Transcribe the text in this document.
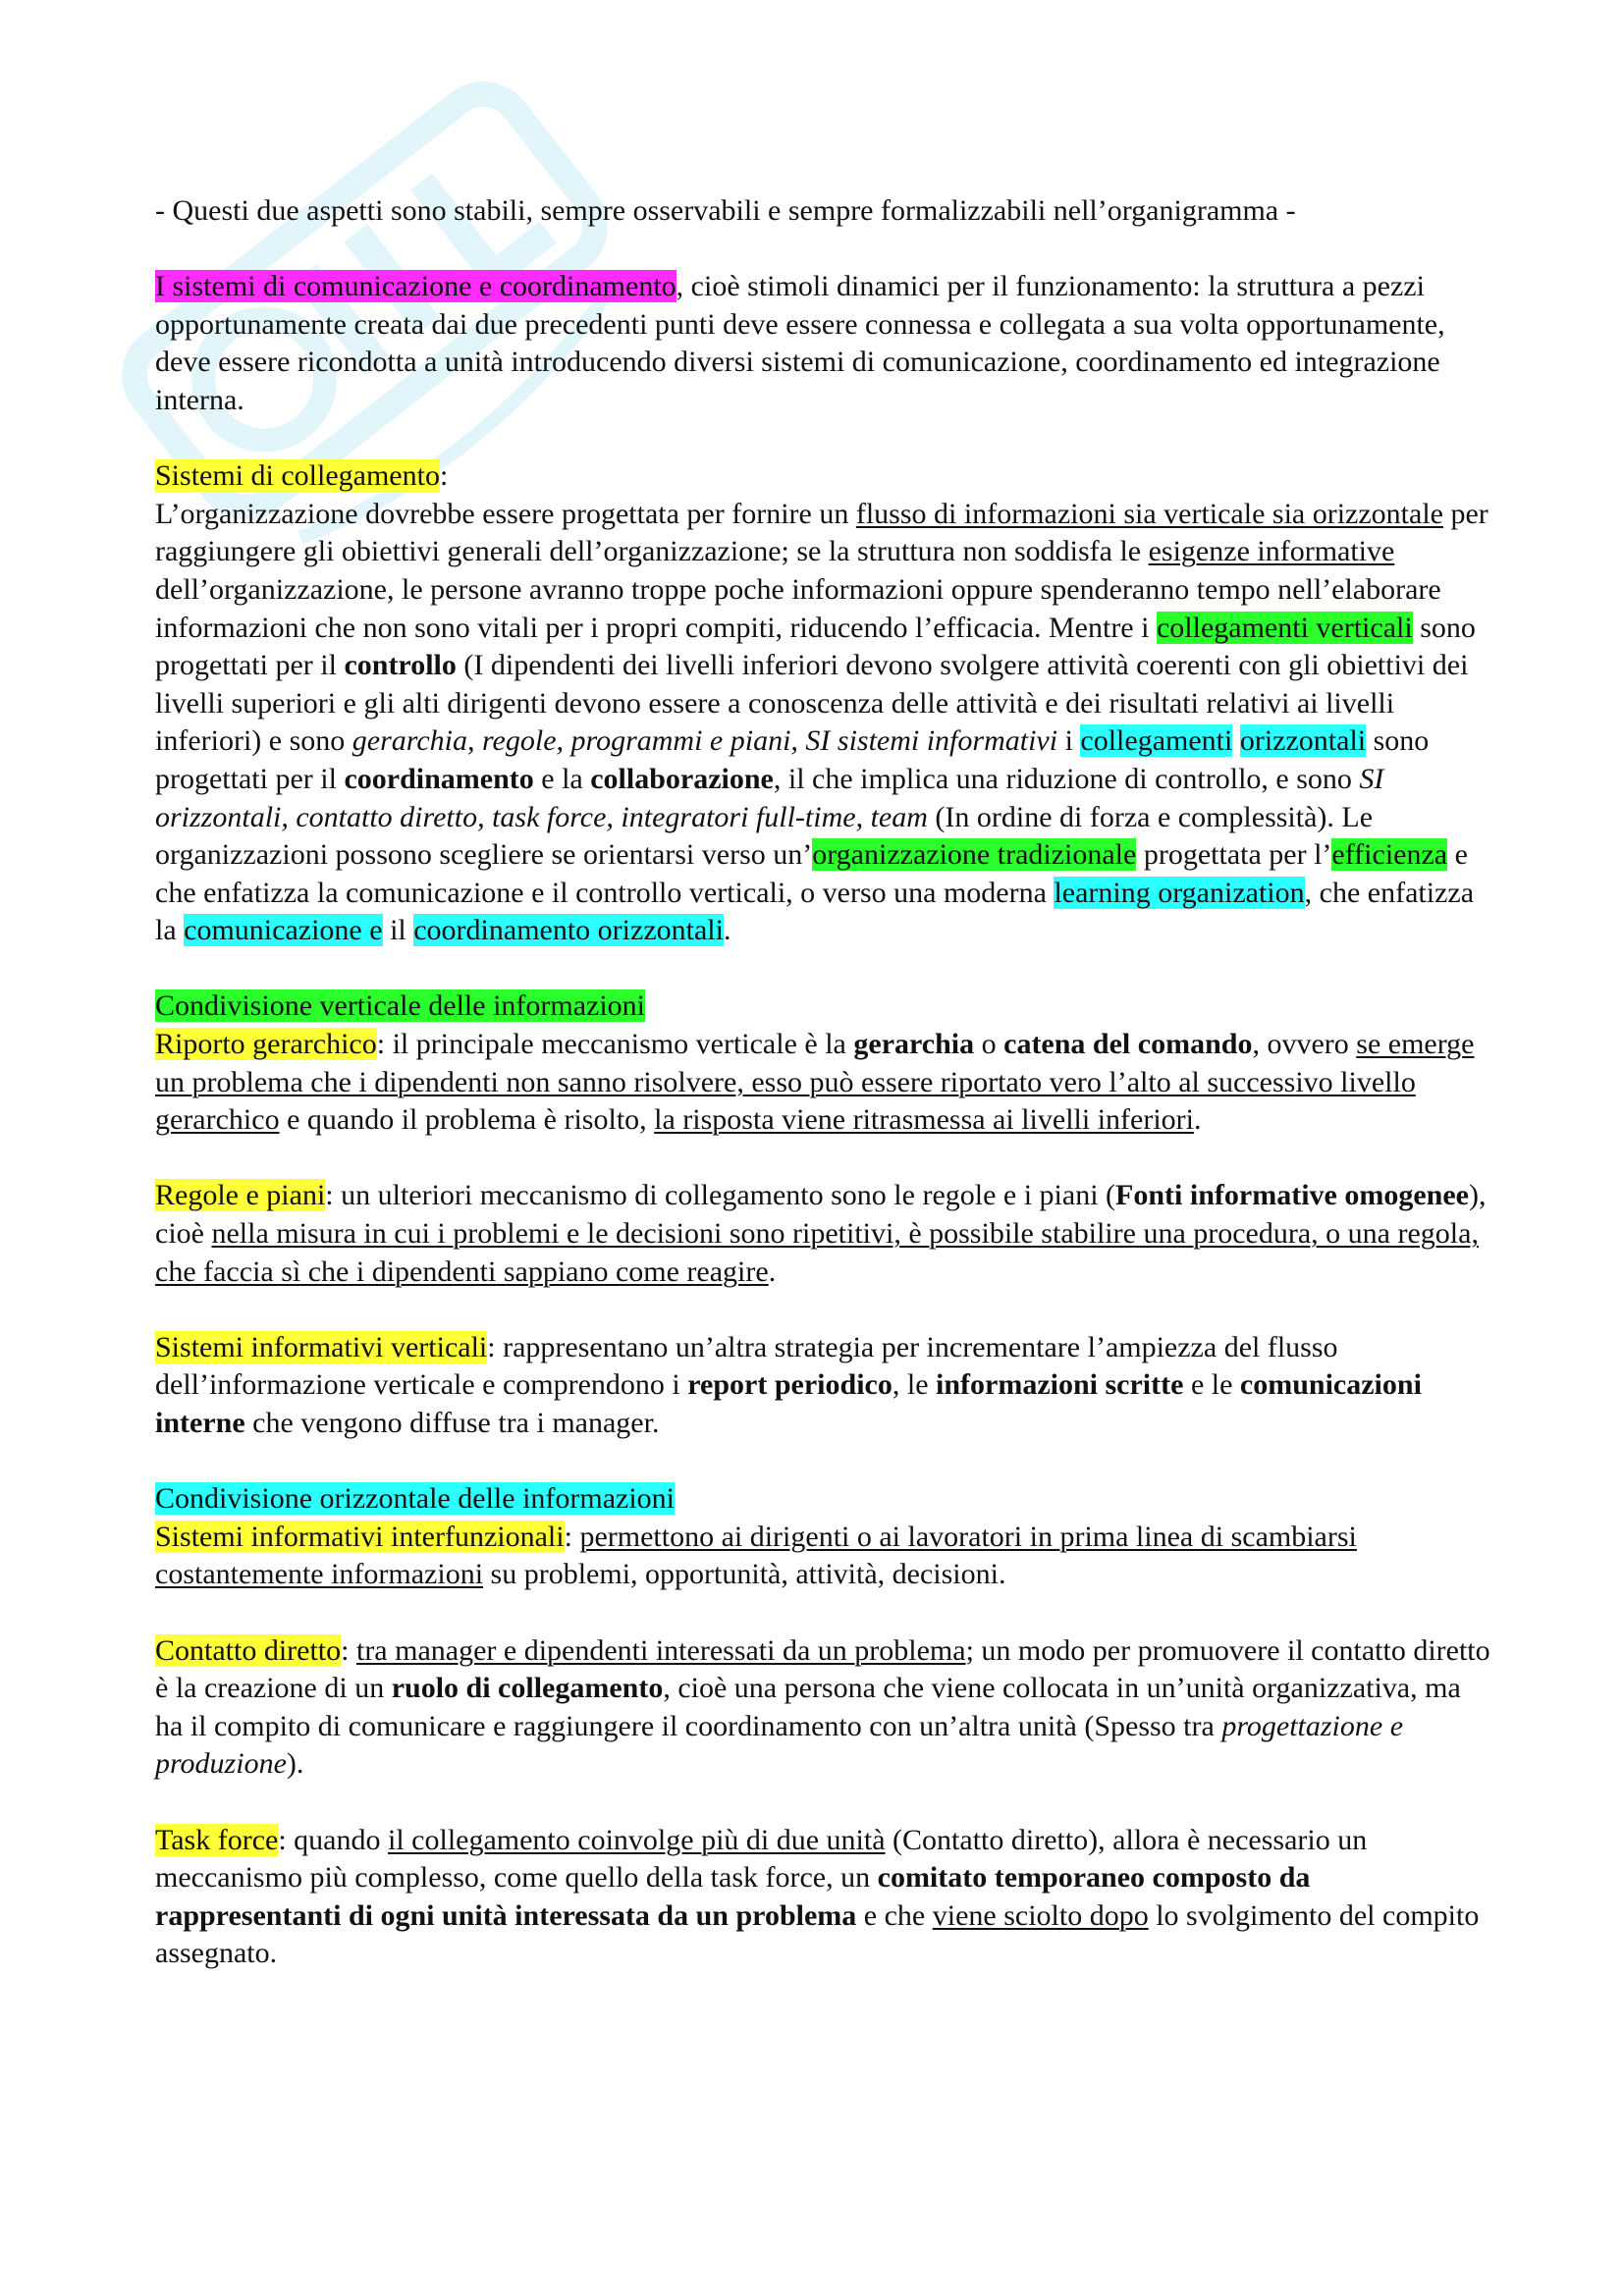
- Questi due aspetti sono stabili, sempre osservabili e sempre formalizzabili nell’organigramma -

I sistemi di comunicazione e coordinamento, cioè stimoli dinamici per il funzionamento: la struttura a pezzi opportunamente creata dai due precedenti punti deve essere connessa e collegata a sua volta opportunamente, deve essere ricondotta a unità introducendo diversi sistemi di comunicazione, coordinamento ed integrazione interna.

Sistemi di collegamento:
L’organizzazione dovrebbe essere progettata per fornire un flusso di informazioni sia verticale sia orizzontale per raggiungere gli obiettivi generali dell’organizzazione; se la struttura non soddisfa le esigenze informative dell’organizzazione, le persone avranno troppe poche informazioni oppure spenderanno tempo nell’elaborare informazioni che non sono vitali per i propri compiti, riducendo l’efficacia. Mentre i collegamenti verticali sono progettati per il controllo (I dipendenti dei livelli inferiori devono svolgere attività coerenti con gli obiettivi dei livelli superiori e gli alti dirigenti devono essere a conoscenza delle attività e dei risultati relativi ai livelli inferiori) e sono gerarchia, regole, programmi e piani, SI sistemi informativi i collegamenti orizzontali sono progettati per il coordinamento e la collaborazione, il che implica una riduzione di controllo, e sono SI orizzontali, contatto diretto, task force, integratori full-time, team (In ordine di forza e complessità). Le organizzazioni possono scegliere se orientarsi verso un’organizzazione tradizionale progettata per l’efficienza e che enfatizza la comunicazione e il controllo verticali, o verso una moderna learning organization, che enfatizza la comunicazione e il coordinamento orizzontali.

Condivisione verticale delle informazioni

Riporto gerarchico: il principale meccanismo verticale è la gerarchia o catena del comando, ovvero se emerge un problema che i dipendenti non sanno risolvere, esso può essere riportato vero l’alto al successivo livello gerarchico e quando il problema è risolto, la risposta viene ritrasmessa ai livelli inferiori.

Regole e piani: un ulteriori meccanismo di collegamento sono le regole e i piani (Fonti informative omogenee), cioè nella misura in cui i problemi e le decisioni sono ripetitivi, è possibile stabilire una procedura, o una regola, che faccia sì che i dipendenti sappiano come reagire.

Sistemi informativi verticali: rappresentano un’altra strategia per incrementare l’ampiezza del flusso dell’informazione verticale e comprendono i report periodico, le informazioni scritte e le comunicazioni interne che vengono diffuse tra i manager.

Condivisione orizzontale delle informazioni

Sistemi informativi interfunzionali: permettono ai dirigenti o ai lavoratori in prima linea di scambiarsi costantemente informazioni su problemi, opportunità, attività, decisioni.

Contatto diretto: tra manager e dipendenti interessati da un problema; un modo per promuovere il contatto diretto è la creazione di un ruolo di collegamento, cioè una persona che viene collocata in un’unità organizzativa, ma ha il compito di comunicare e raggiungere il coordinamento con un’altra unità (Spesso tra progettazione e produzione).

Task force: quando il collegamento coinvolge più di due unità (Contatto diretto), allora è necessario un meccanismo più complesso, come quello della task force, un comitato temporaneo composto da rappresentanti di ogni unità interessata da un problema e che viene sciolto dopo lo svolgimento del compito assegnato.
